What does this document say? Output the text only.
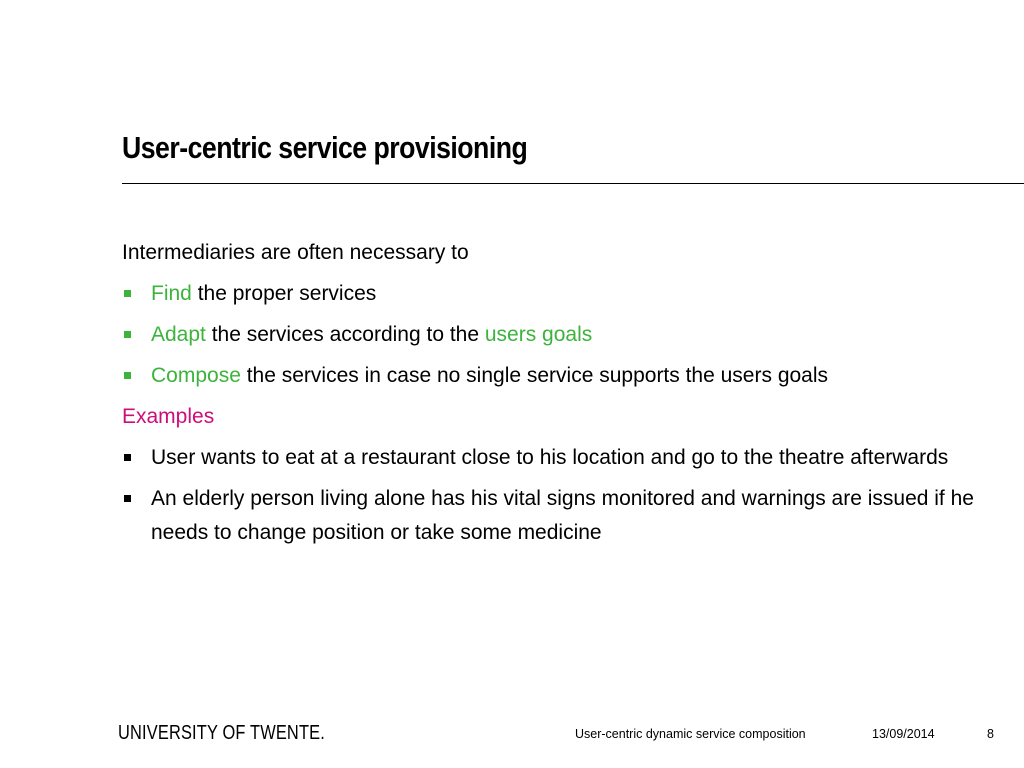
User-centric service provisioning

Intermediaries are often necessary to

Find the proper services
Adapt the services according to the users goals
Compose the services in case no single service supports the users goals

Examples

User wants to eat at a restaurant close to his location and go to the theatre afterwards
An elderly person living alone has his vital signs monitored and warnings are issued if he needs to change position or take some medicine
UNIVERSITY OF TWENTE.	User-centric dynamic service composition	13/09/2014	8
